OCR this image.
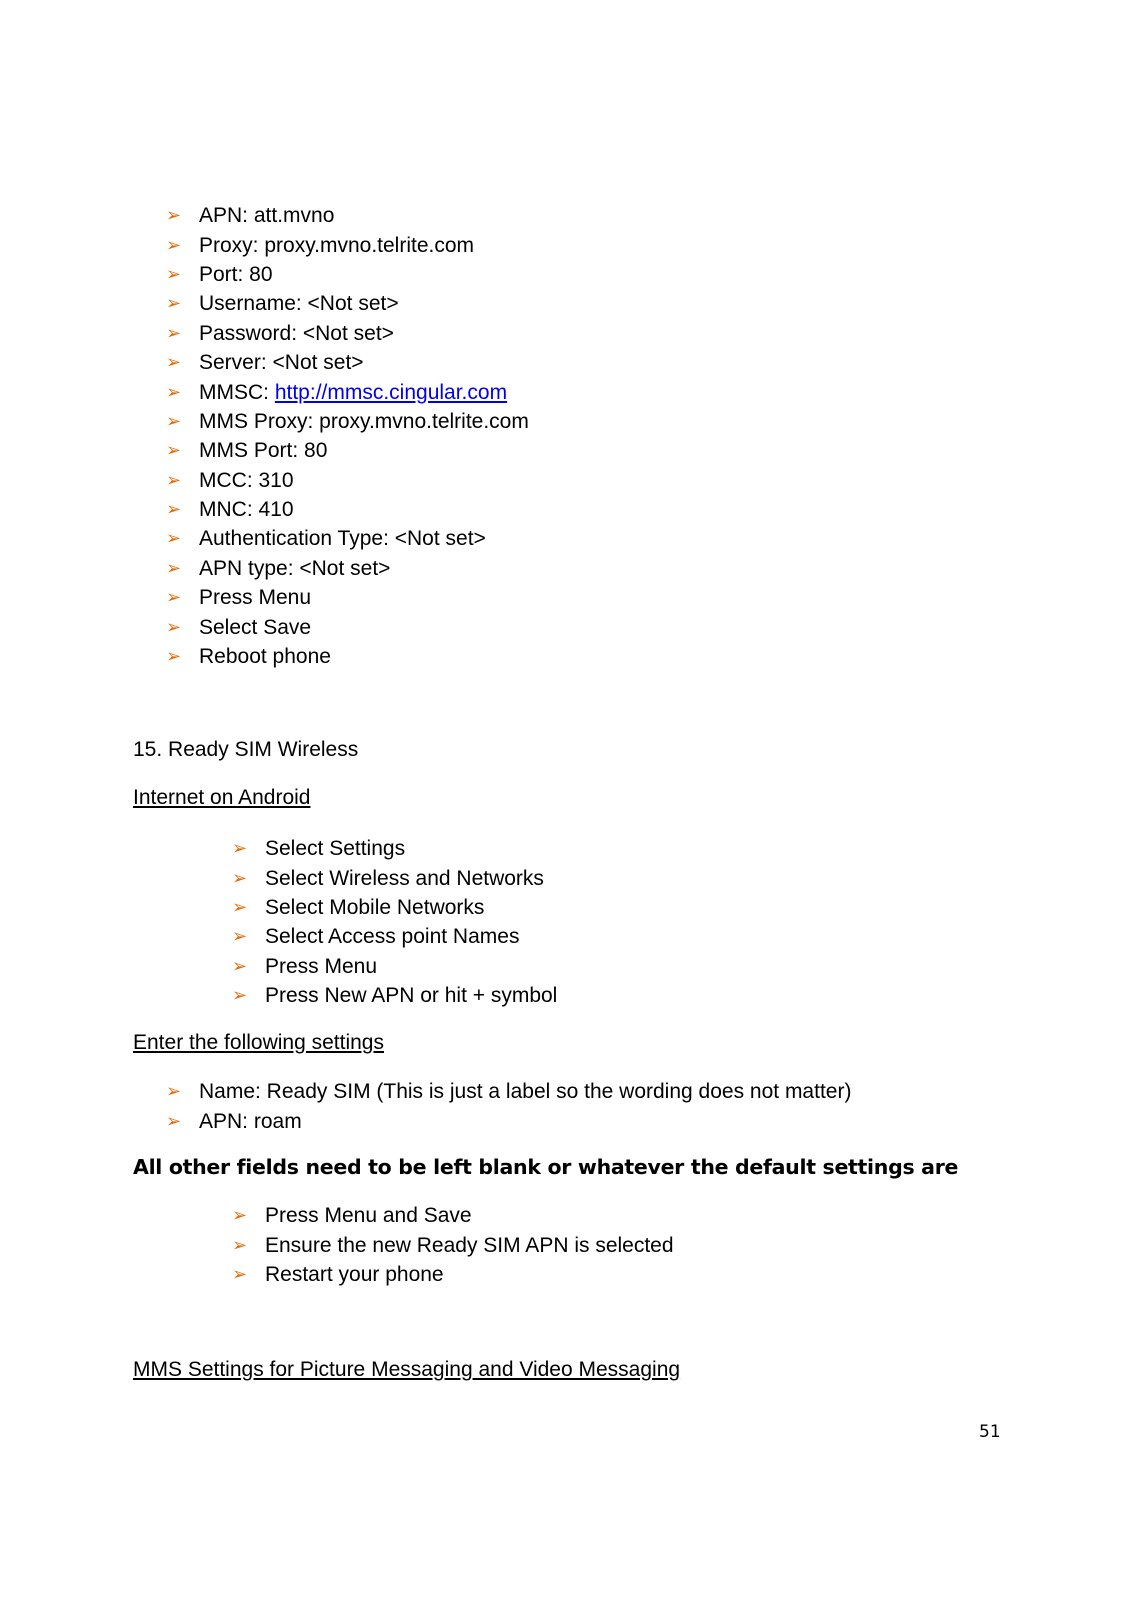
➢ APN: att.mvno
➢ Proxy: proxy.mvno.telrite.com
➢ Port: 80
➢ Username: <Not set>
➢ Password: <Not set>
➢ Server: <Not set>
➢ MMSC: http://mmsc.cingular.com
➢ MMS Proxy: proxy.mvno.telrite.com
➢ MMS Port: 80
➢ MCC: 310
➢ MNC: 410
➢ Authentication Type: <Not set>
➢ APN type: <Not set>
➢ Press Menu
➢ Select Save
➢ Reboot phone
15. Ready SIM Wireless
Internet on Android
➢ Select Settings
➢ Select Wireless and Networks
➢ Select Mobile Networks
➢ Select Access point Names
➢ Press Menu
➢ Press New APN or hit + symbol
Enter the following settings
➢ Name: Ready SIM (This is just a label so the wording does not matter)
➢ APN: roam
All other fields need to be left blank or whatever the default settings are
➢ Press Menu and Save
➢ Ensure the new Ready SIM APN is selected
➢ Restart your phone
MMS Settings for Picture Messaging and Video Messaging
51
